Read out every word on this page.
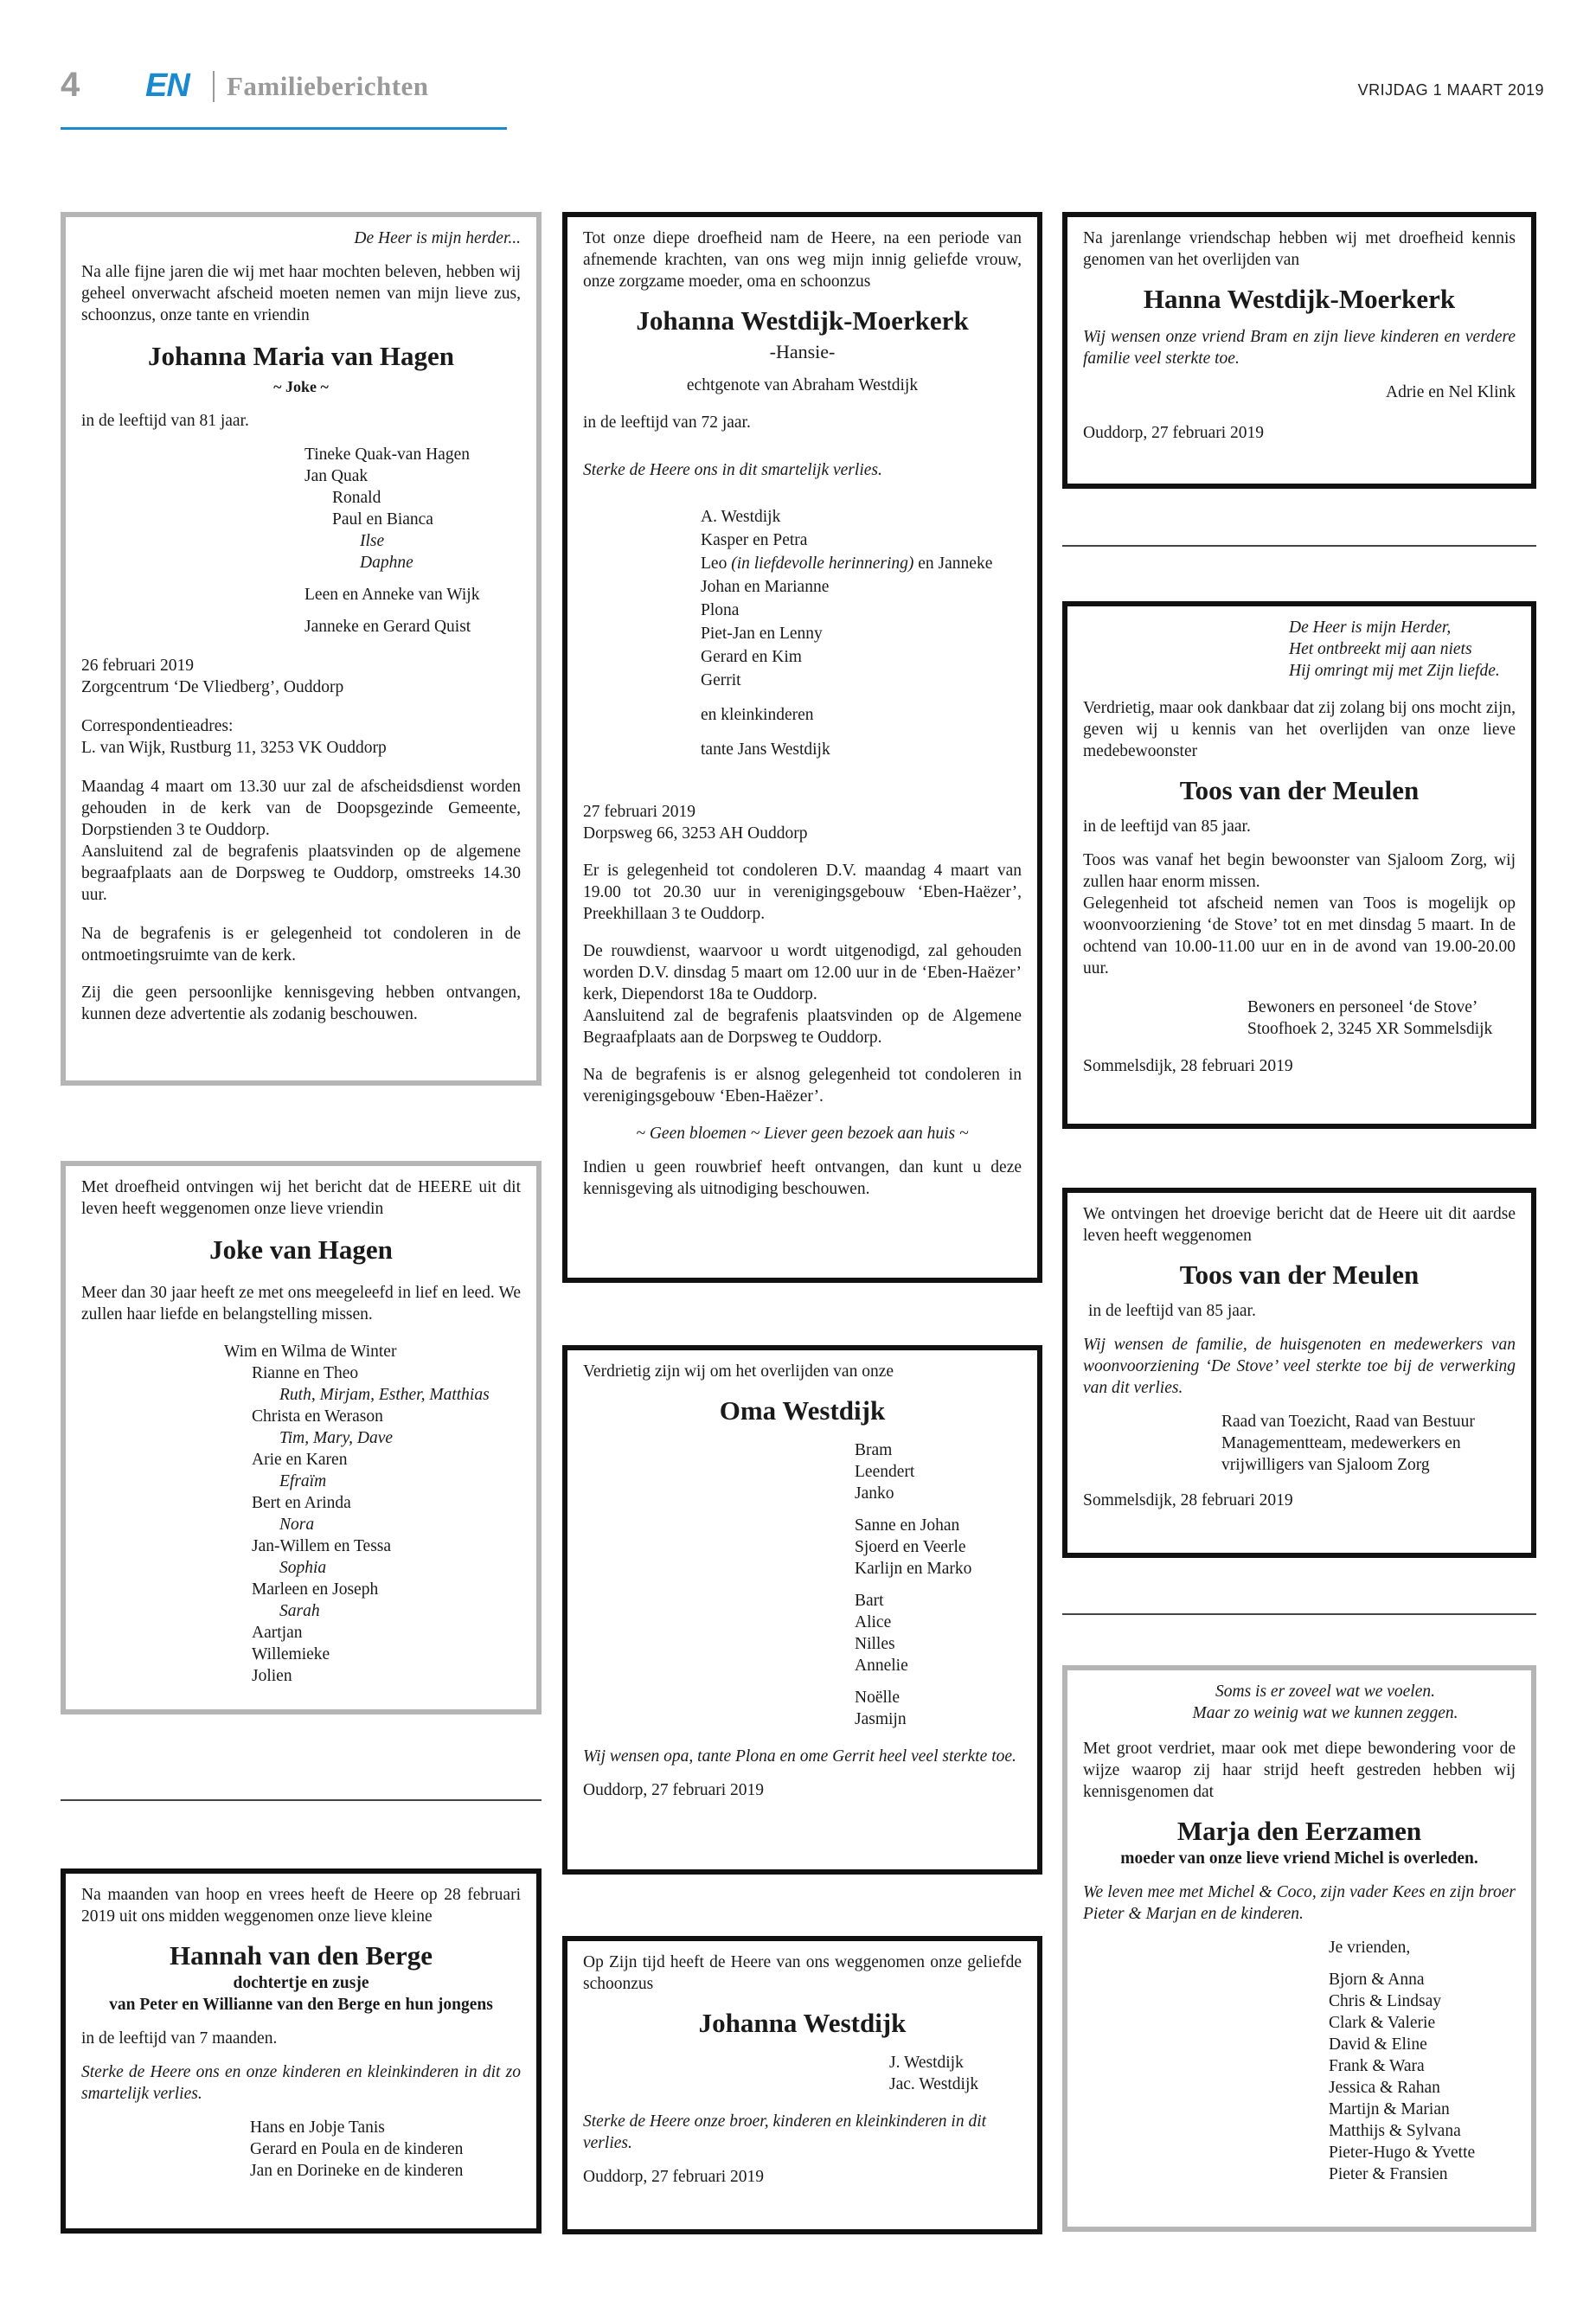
4 EN Familieberichten	VRIJDAG 1 MAART 2019

De Heer is mijn herder...

Na alle fijne jaren die wij met haar mochten beleven, hebben wij geheel onverwacht afscheid moeten nemen van mijn lieve zus, schoonzus, onze tante en vriendin

Johanna Maria van Hagen

~ Joke ~

in de leeftijd van 81 jaar.

Tineke Quak-van Hagen
Jan Quak
Ronald
Paul en Bianca
Ilse
Daphne
Leen en Anneke van Wijk
Janneke en Gerard Quist
26 februari 2019
Zorgcentrum ‘De Vliedberg’, Ouddorp
Correspondentieadres:
L. van Wijk, Rustburg 11, 3253 VK Ouddorp
Maandag 4 maart om 13.30 uur zal de afscheidsdienst worden gehouden in de kerk van de Doopsgezinde Gemeente, Dorpstienden 3 te Ouddorp.
Aansluitend zal de begrafenis plaatsvinden op de algemene begraafplaats aan de Dorpsweg te Ouddorp, omstreeks 14.30 uur.

Na de begrafenis is er gelegenheid tot condoleren in de ontmoetingsruimte van de kerk.

Zij die geen persoonlijke kennisgeving hebben ontvangen, kunnen deze advertentie als zodanig beschouwen.

Met droefheid ontvingen wij het bericht dat de HEERE uit dit leven heeft weggenomen onze lieve vriendin

Joke van Hagen

Meer dan 30 jaar heeft ze met ons meegeleefd in lief en leed. We zullen haar liefde en belangstelling missen.

Wim en Wilma de Winter
Rianne en Theo
Ruth, Mirjam, Esther, Matthias
Christa en Werason
Tim, Mary, Dave
Arie en Karen
Efraïm
Bert en Arinda
Nora
Jan-Willem en Tessa
Sophia
Marleen en Joseph
Sarah
Aartjan
Willemieke
Jolien

Na maanden van hoop en vrees heeft de Heere op 28 februari 2019 uit ons midden weggenomen onze lieve kleine

Hannah van den Berge
dochtertje en zusje

van Peter en Willianne van den Berge en hun jongens

in de leeftijd van 7 maanden.

Sterke de Heere ons en onze kinderen en kleinkinderen in dit zo smartelijk verlies.

Hans en Jobje Tanis
Gerard en Poula en de kinderen
Jan en Dorineke en de kinderen

Tot onze diepe droefheid nam de Heere, na een periode van afnemende krachten, van ons weg mijn innig geliefde vrouw, onze zorgzame moeder, oma en schoonzus

Johanna Westdijk-Moerkerk

-Hansie-

echtgenote van Abraham Westdijk

in de leeftijd van 72 jaar.

Sterke de Heere ons in dit smartelijk verlies.

A. Westdijk
Kasper en Petra
Leo (in liefdevolle herinnering) en Janneke
Johan en Marianne
Plona
Piet-Jan en Lenny
Gerard en Kim
Gerrit
en kleinkinderen
tante Jans Westdijk
27 februari 2019

Dorpsweg 66, 3253 AH Ouddorp

Er is gelegenheid tot condoleren D.V. maandag 4 maart van 19.00 tot 20.30 uur in verenigingsgebouw ‘Eben-Haëzer’, Preekhillaan 3 te Ouddorp.

De rouwdienst, waarvoor u wordt uitgenodigd, zal gehouden worden D.V. dinsdag 5 maart om 12.00 uur in de ‘Eben-Haëzer’ kerk, Diependorst 18a te Ouddorp.

Aansluitend zal de begrafenis plaatsvinden op de Algemene Begraafplaats aan de Dorpsweg te Ouddorp.

Na de begrafenis is er alsnog gelegenheid tot condoleren in verenigingsgebouw ‘Eben-Haëzer’.

~ Geen bloemen ~ Liever geen bezoek aan huis ~

Indien u geen rouwbrief heeft ontvangen, dan kunt u deze kennisgeving als uitnodiging beschouwen.

Verdrietig zijn wij om het overlijden van onze

Oma Westdijk
Bram
Leendert
Janko
Sanne en Johan
Sjoerd en Veerle
Karlijn en Marko
Bart
Alice
Nilles
Annelie
Noëlle
Jasmijn

Wij wensen opa, tante Plona en ome Gerrit heel veel sterkte toe.

Ouddorp, 27 februari 2019

Op Zijn tijd heeft de Heere van ons weggenomen onze geliefde schoonzus

Johanna Westdijk
J. Westdijk
Jac. Westdijk

Sterke de Heere onze broer, kinderen en kleinkinderen in dit verlies.

Ouddorp, 27 februari 2019

Na jarenlange vriendschap hebben wij met droefheid kennis genomen van het overlijden van

Hanna Westdijk-Moerkerk

Wij wensen onze vriend Bram en zijn lieve kinderen en verdere familie veel sterkte toe.

Adrie en Nel Klink

Ouddorp, 27 februari 2019

De Heer is mijn Herder,
Het ontbreekt mij aan niets
Hij omringt mij met Zijn liefde.

Verdrietig, maar ook dankbaar dat zij zolang bij ons mocht zijn, geven wij u kennis van het overlijden van onze lieve medebewoonster

Toos van der Meulen

in de leeftijd van 85 jaar.

Toos was vanaf het begin bewoonster van Sjaloom Zorg, wij zullen haar enorm missen.

Gelegenheid tot afscheid nemen van Toos is mogelijk op woonvoorziening ‘de Stove’ tot en met dinsdag 5 maart. In de ochtend van 10.00-11.00 uur en in de avond van 19.00-20.00 uur.

Bewoners en personeel ‘de Stove’
Stoofhoek 2, 3245 XR Sommelsdijk

Sommelsdijk, 28 februari 2019

We ontvingen het droevige bericht dat de Heere uit dit aardse leven heeft weggenomen

Toos van der Meulen

in de leeftijd van 85 jaar.

Wij wensen de familie, de huisgenoten en medewerkers van woonvoorziening ‘De Stove’ veel sterkte toe bij de verwerking van dit verlies.

Raad van Toezicht, Raad van Bestuur
Managementteam, medewerkers en
vrijwilligers van Sjaloom Zorg

Sommelsdijk, 28 februari 2019

Soms is er zoveel wat we voelen.
Maar zo weinig wat we kunnen zeggen.

Met groot verdriet, maar ook met diepe bewondering voor de wijze waarop zij haar strijd heeft gestreden hebben wij kennisgenomen dat

Marja den Eerzamen

moeder van onze lieve vriend Michel is overleden.

We leven mee met Michel & Coco, zijn vader Kees en zijn broer Pieter & Marjan en de kinderen.

Je vrienden,
Bjorn & Anna
Chris & Lindsay
Clark & Valerie
David & Eline
Frank & Wara
Jessica & Rahan
Martijn & Marian
Matthijs & Sylvana
Pieter-Hugo & Yvette
Pieter & Fransien
